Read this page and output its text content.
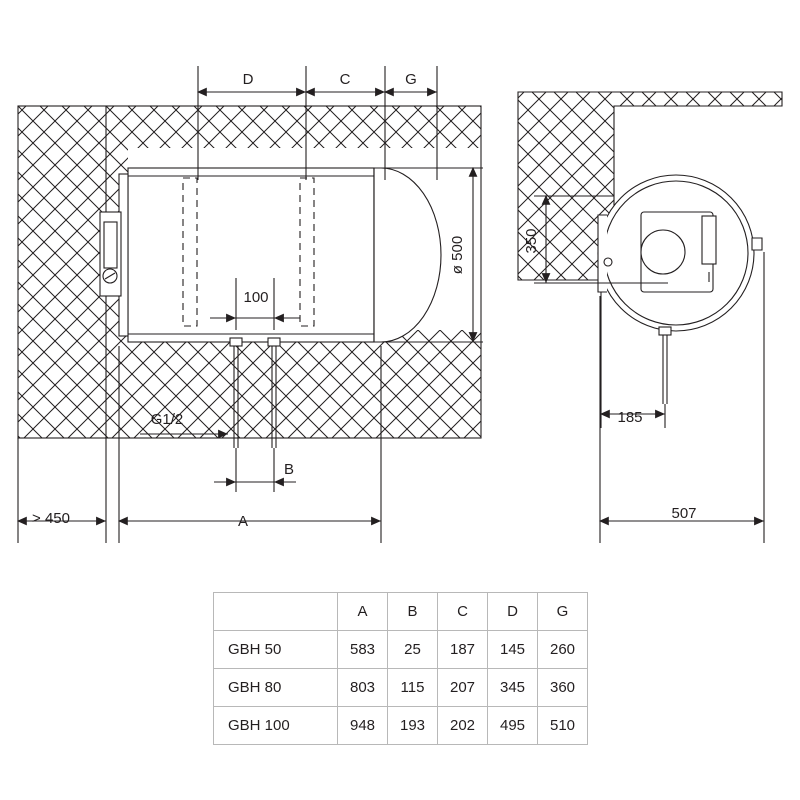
D	C	G
ø 500
100
G1/2
B
> 450	A
350
185
507
	A	B	C	D	G
GBH 50	583	25	187	145	260
GBH 80	803	115	207	345	360
GBH 100	948	193	202	495	510
